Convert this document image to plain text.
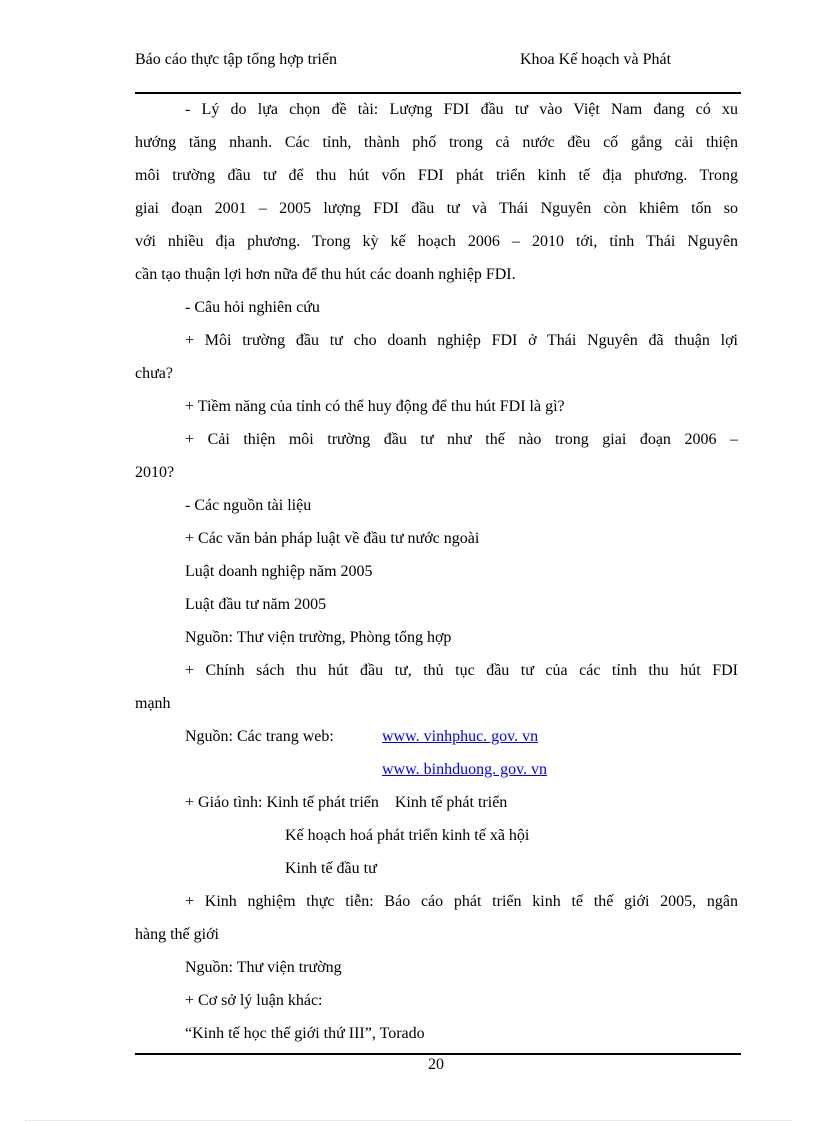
Báo cáo thực tập tổng hợp triển	Khoa Kế hoạch và Phát
- Lý do lựa chọn đề tài: Lượng FDI đầu tư vào Việt Nam đang có xu
hướng tăng nhanh. Các tỉnh, thành phố trong cả nước đều cố gắng cải thiện
môi trường đầu tư để thu hút vốn FDI phát triển kinh tế địa phương. Trong
giai đoạn 2001 – 2005 lượng FDI đầu tư và Thái Nguyên còn khiêm tốn so
với nhiều địa phương. Trong kỳ kế hoạch 2006 – 2010 tới, tỉnh Thái Nguyên
cần tạo thuận lợi hơn nữa để thu hút các doanh nghiệp FDI.
- Câu hỏi nghiên cứu
+ Môi trường đầu tư cho doanh nghiệp FDI ở Thái Nguyên đã thuận lợi
chưa?
+ Tiềm năng của tỉnh có thể huy động để thu hút FDI là gì?
+ Cải thiện môi trường đầu tư như thế nào trong giai đoạn 2006 –
2010?
- Các nguồn tài liệu
+ Các văn bản pháp luật về đầu tư nước ngoài
Luật doanh nghiệp năm 2005
Luật đầu tư năm 2005
Nguồn: Thư viện trường, Phòng tổng hợp
+ Chính sách thu hút đầu tư, thủ tục đầu tư của các tỉnh thu hút FDI
mạnh
Nguồn: Các trang web:	www. vinhphuc. gov. vn
www. binhduong. gov. vn
+ Giáo tình: Kinh tế phát triển    Kinh tế phát triển
Kế hoạch hoá phát triển kinh tế xã hội
Kinh tế đầu tư
+ Kinh nghiệm thực tiễn: Báo cáo phát triển kinh tế thế giới 2005, ngân
hàng thế giới
Nguồn: Thư viện trường
+ Cơ sở lý luận khác:
“Kinh tế học thế giới thứ III”, Torado
20
